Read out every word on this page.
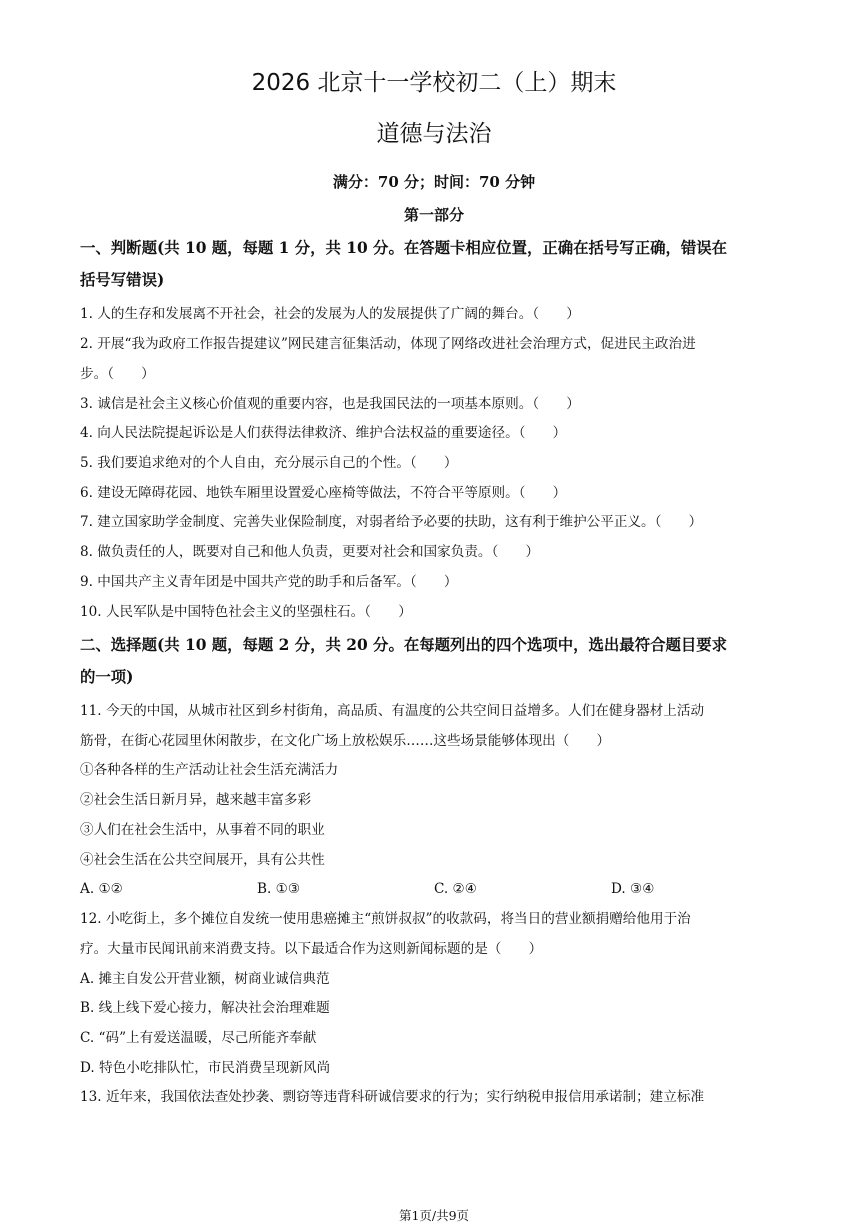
2026 北京十一学校初二（上）期末
道德与法治
满分：70 分；时间：70 分钟
第一部分
一、判断题(共 10 题，每题 1 分，共 10 分。在答题卡相应位置，正确在括号写正确，错误在
括号写错误)
1. 人的生存和发展离不开社会，社会的发展为人的发展提供了广阔的舞台。（　　）
2. 开展“我为政府工作报告提建议”网民建言征集活动，体现了网络改进社会治理方式，促进民主政治进
步。（　　）
3. 诚信是社会主义核心价值观的重要内容，也是我国民法的一项基本原则。（　　）
4. 向人民法院提起诉讼是人们获得法律救济、维护合法权益的重要途径。（　　）
5. 我们要追求绝对的个人自由，充分展示自己的个性。（　　）
6. 建设无障碍花园、地铁车厢里设置爱心座椅等做法，不符合平等原则。（　　）
7. 建立国家助学金制度、完善失业保险制度，对弱者给予必要的扶助，这有利于维护公平正义。（　　）
8. 做负责任的人，既要对自己和他人负责，更要对社会和国家负责。（　　）
9. 中国共产主义青年团是中国共产党的助手和后备军。（　　）
10. 人民军队是中国特色社会主义的坚强柱石。（　　）
二、选择题(共 10 题，每题 2 分，共 20 分。在每题列出的四个选项中，选出最符合题目要求
的一项)
11. 今天的中国，从城市社区到乡村街角，高品质、有温度的公共空间日益增多。人们在健身器材上活动
筋骨，在街心花园里休闲散步，在文化广场上放松娱乐……这些场景能够体现出（　　）
①各种各样的生产活动让社会生活充满活力
②社会生活日新月异，越来越丰富多彩
③人们在社会生活中，从事着不同的职业
④社会生活在公共空间展开，具有公共性
A. ①②	B. ①③	C. ②④	D. ③④
12. 小吃街上，多个摊位自发统一使用患癌摊主“煎饼叔叔”的收款码，将当日的营业额捐赠给他用于治
疗。大量市民闻讯前来消费支持。以下最适合作为这则新闻标题的是（　　）
A. 摊主自发公开营业额，树商业诚信典范
B. 线上线下爱心接力，解决社会治理难题
C. “码”上有爱送温暖，尽己所能齐奉献
D. 特色小吃排队忙，市民消费呈现新风尚
13. 近年来，我国依法查处抄袭、剽窃等违背科研诚信要求的行为；实行纳税申报信用承诺制；建立标准
第1页/共9页
